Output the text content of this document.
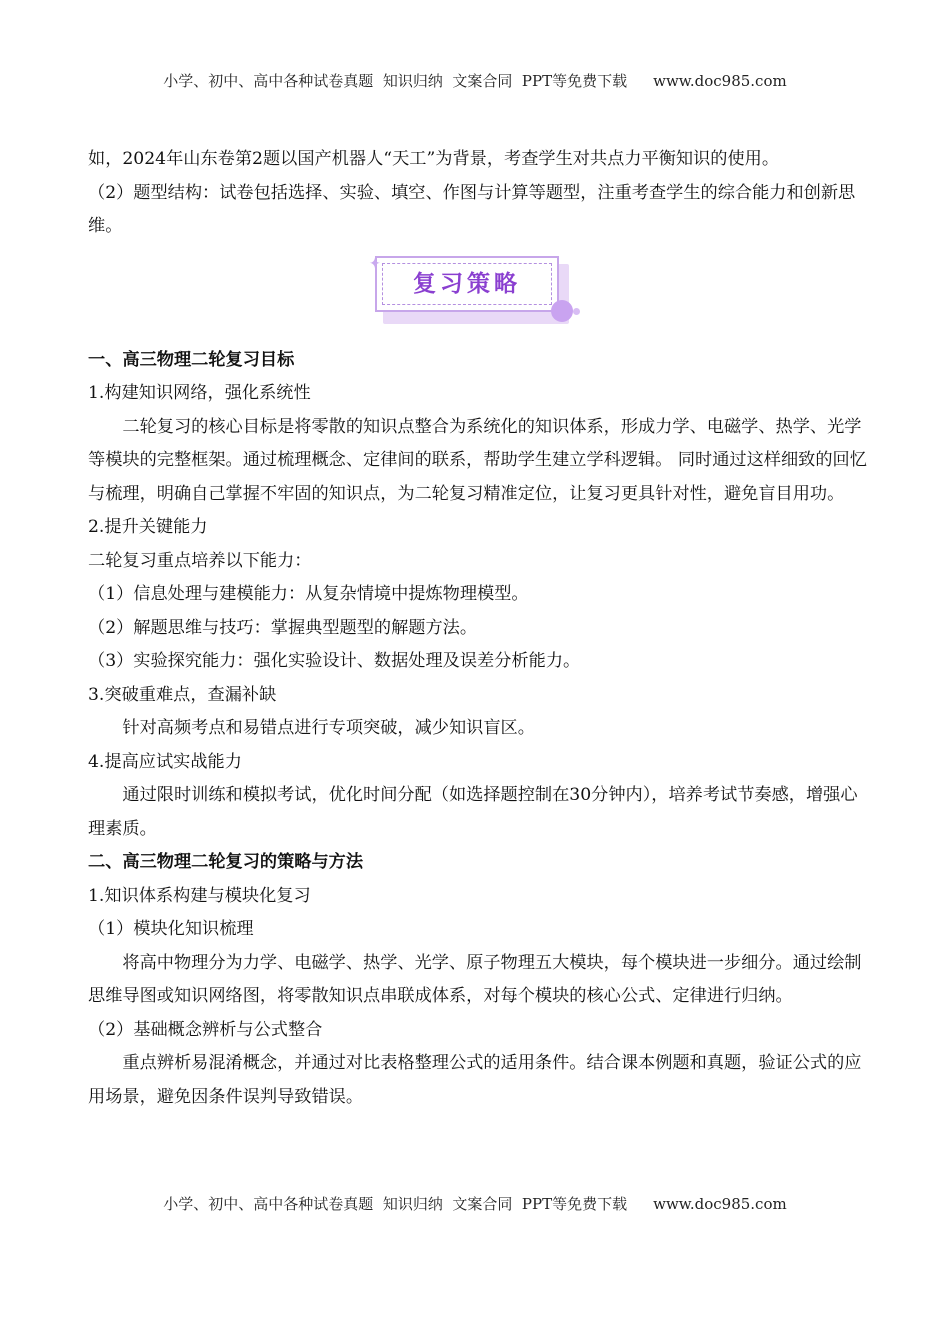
小学、初中、高中各种试卷真题  知识归纳  文案合同  PPT等免费下载 www.doc985.com

如，2024年山东卷第2题以国产机器人“天工”为背景，考查学生对共点力平衡知识的使用。

（2）题型结构：试卷包括选择、实验、填空、作图与计算等题型，注重考查学生的综合能力和创新思维。

✦
复习策略

一、高三物理二轮复习目标

1.构建知识网络，强化系统性

二轮复习的核心目标是将零散的知识点整合为系统化的知识体系，形成力学、电磁学、热学、光学等模块的完整框架。通过梳理概念、定律间的联系，帮助学生建立学科逻辑。 同时通过这样细致的回忆与梳理，明确自己掌握不牢固的知识点，为二轮复习精准定位，让复习更具针对性，避免盲目用功。

2.提升关键能力

二轮复习重点培养以下能力：

（1）信息处理与建模能力：从复杂情境中提炼物理模型。

（2）解题思维与技巧：掌握典型题型的解题方法。

（3）实验探究能力：强化实验设计、数据处理及误差分析能力。

3.突破重难点，查漏补缺

针对高频考点和易错点进行专项突破，减少知识盲区。

4.提高应试实战能力

通过限时训练和模拟考试，优化时间分配（如选择题控制在30分钟内），培养考试节奏感，增强心理素质。

二、高三物理二轮复习的策略与方法

1.知识体系构建与模块化复习

（1）模块化知识梳理

将高中物理分为力学、电磁学、热学、光学、原子物理五大模块，每个模块进一步细分。通过绘制思维导图或知识网络图，将零散知识点串联成体系，对每个模块的核心公式、定律进行归纳。

（2）基础概念辨析与公式整合

重点辨析易混淆概念，并通过对比表格整理公式的适用条件。结合课本例题和真题，验证公式的应用场景，避免因条件误判导致错误。

小学、初中、高中各种试卷真题  知识归纳  文案合同  PPT等免费下载 www.doc985.com
